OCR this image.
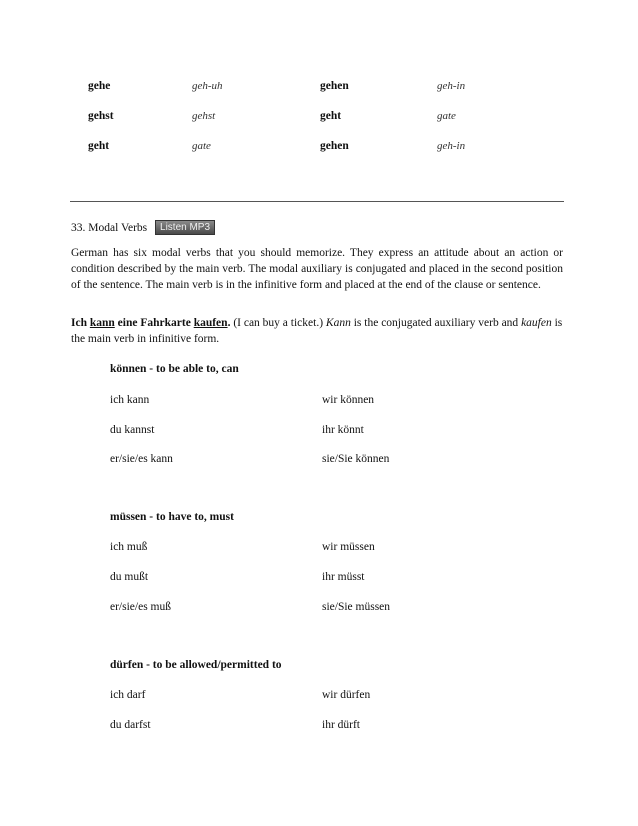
gehe	geh-uh	gehen	geh-in
gehst	gehst	geht	gate
geht	gate	gehen	geh-in
33. Modal Verbs Listen MP3
German has six modal verbs that you should memorize. They express an attitude about an action or condition described by the main verb. The modal auxiliary is conjugated and placed in the second position of the sentence. The main verb is in the infinitive form and placed at the end of the clause or sentence.
Ich kann eine Fahrkarte kaufen. (I can buy a ticket.) Kann is the conjugated auxiliary verb and kaufen is the main verb in infinitive form.
können - to be able to, can
ich kann	wir können
du kannst	ihr könnt
er/sie/es kann	sie/Sie können
müssen - to have to, must
ich muß	wir müssen
du mußt	ihr müsst
er/sie/es muß	sie/Sie müssen
dürfen - to be allowed/permitted to
ich darf	wir dürfen
du darfst	ihr dürft
